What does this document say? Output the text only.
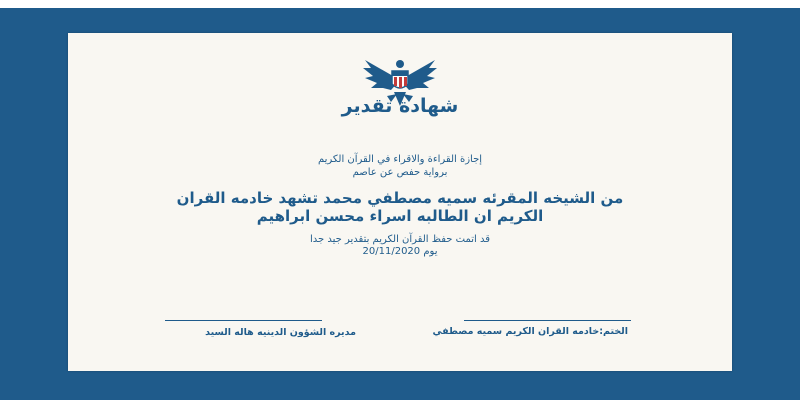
شهادة تقدير
إجازة القراءة والاقراء في القرآن الكريم
برواية حفص عن عاصم
من الشيخه المقرئه سميه مصطفي محمد تشهد خادمه القران
الكريم ان الطالبه اسراء محسن ابراهيم
قد اتمت حفظ القرآن الكريم بتقدير جيد جدا
يوم 20/11/2020
مديره الشؤون الدينيه هاله السيد	الختم:خادمه القران الكريم سميه مصطفي
